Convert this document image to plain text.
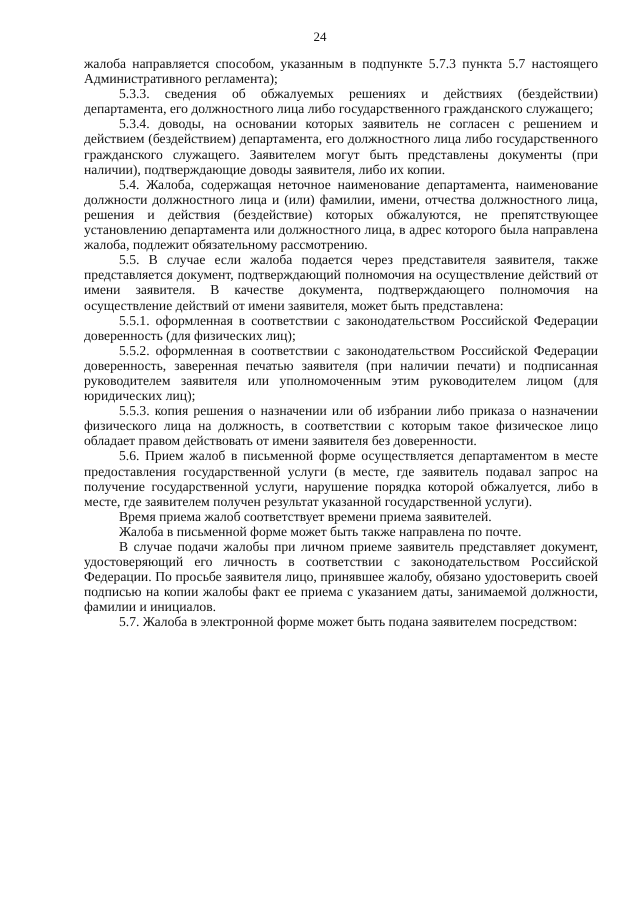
24

жалоба направляется способом, указанным в подпункте 5.7.3 пункта 5.7 настоящего Административного регламента);

5.3.3. сведения об обжалуемых решениях и действиях (бездействии) департамента, его должностного лица либо государственного гражданского служащего;

5.3.4. доводы, на основании которых заявитель не согласен с решением и действием (бездействием) департамента, его должностного лица либо государственного гражданского служащего. Заявителем могут быть представлены документы (при наличии), подтверждающие доводы заявителя, либо их копии.

5.4. Жалоба, содержащая неточное наименование департамента, наименование должности должностного лица и (или) фамилии, имени, отчества должностного лица, решения и действия (бездействие) которых обжалуются, не препятствующее установлению департамента или должностного лица, в адрес которого была направлена жалоба, подлежит обязательному рассмотрению.

5.5. В случае если жалоба подается через представителя заявителя, также представляется документ, подтверждающий полномочия на осуществление действий от имени заявителя. В качестве документа, подтверждающего полномочия на осуществление действий от имени заявителя, может быть представлена:

5.5.1. оформленная в соответствии с законодательством Российской Федерации доверенность (для физических лиц);

5.5.2. оформленная в соответствии с законодательством Российской Федерации доверенность, заверенная печатью заявителя (при наличии печати) и подписанная руководителем заявителя или уполномоченным этим руководителем лицом (для юридических лиц);

5.5.3. копия решения о назначении или об избрании либо приказа о назначении физического лица на должность, в соответствии с которым такое физическое лицо обладает правом действовать от имени заявителя без доверенности.

5.6. Прием жалоб в письменной форме осуществляется департаментом в месте предоставления государственной услуги (в месте, где заявитель подавал запрос на получение государственной услуги, нарушение порядка которой обжалуется, либо в месте, где заявителем получен результат указанной государственной услуги).

Время приема жалоб соответствует времени приема заявителей.

Жалоба в письменной форме может быть также направлена по почте.

В случае подачи жалобы при личном приеме заявитель представляет документ, удостоверяющий его личность в соответствии с законодательством Российской Федерации. По просьбе заявителя лицо, принявшее жалобу, обязано удостоверить своей подписью на копии жалобы факт ее приема с указанием даты, занимаемой должности, фамилии и инициалов.

5.7. Жалоба в электронной форме может быть подана заявителем посредством:
